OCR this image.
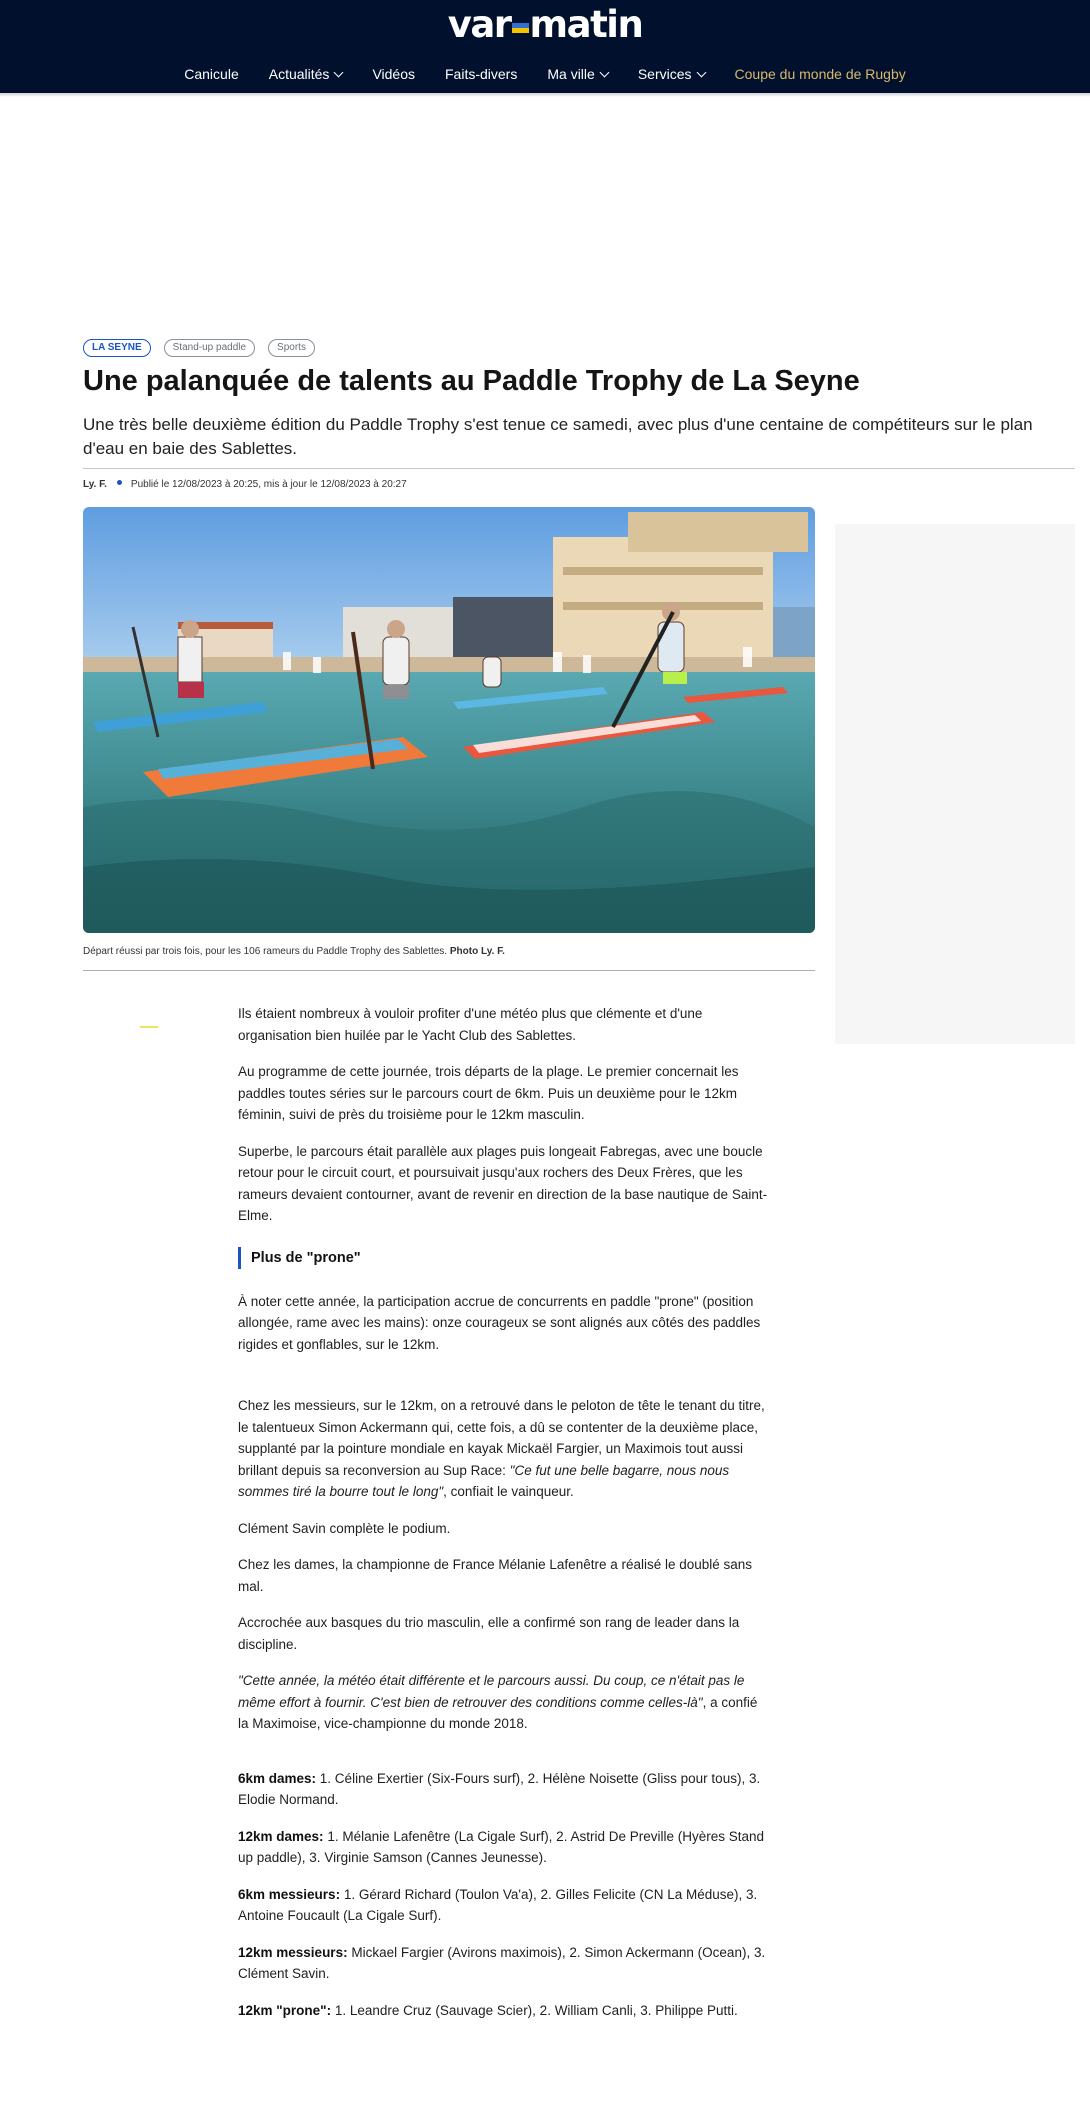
var matin
Canicule Actualités	Vidéos Faits-divers Ma ville	Services	Coupe du monde de Rugby
LA SEYNE	Stand-up paddle	Sports
Une palanquée de talents au Paddle Trophy de La Seyne

Une très belle deuxième édition du Paddle Trophy s'est tenue ce samedi, avec plus d'une centaine de compétiteurs sur le plan d'eau en baie des Sablettes.

Ly. F. Publié le 12/08/2023 à 20:25, mis à jour le 12/08/2023 à 20:27

Départ réussi par trois fois, pour les 106 rameurs du Paddle Trophy des Sablettes. Photo Ly. F.

Ils étaient nombreux à vouloir profiter d'une météo plus que clémente et d'une organisation bien huilée par le Yacht Club des Sablettes.

Au programme de cette journée, trois départs de la plage. Le premier concernait les paddles toutes séries sur le parcours court de 6km. Puis un deuxième pour le 12km féminin, suivi de près du troisième pour le 12km masculin.

Superbe, le parcours était parallèle aux plages puis longeait Fabregas, avec une boucle retour pour le circuit court, et poursuivait jusqu'aux rochers des Deux Frères, que les rameurs devaient contourner, avant de revenir en direction de la base nautique de Saint-Elme.

Plus de "prone"

À noter cette année, la participation accrue de concurrents en paddle "prone" (position allongée, rame avec les mains): onze courageux se sont alignés aux côtés des paddles rigides et gonflables, sur le 12km.

Chez les messieurs, sur le 12km, on a retrouvé dans le peloton de tête le tenant du titre, le talentueux Simon Ackermann qui, cette fois, a dû se contenter de la deuxième place, supplanté par la pointure mondiale en kayak Mickaël Fargier, un Maximois tout aussi brillant depuis sa reconversion au Sup Race: "Ce fut une belle bagarre, nous nous sommes tiré la bourre tout le long", confiait le vainqueur.

Clément Savin complète le podium.

Chez les dames, la championne de France Mélanie Lafenêtre a réalisé le doublé sans mal.

Accrochée aux basques du trio masculin, elle a confirmé son rang de leader dans la discipline.

"Cette année, la météo était différente et le parcours aussi. Du coup, ce n'était pas le même effort à fournir. C'est bien de retrouver des conditions comme celles-là", a confié la Maximoise, vice-championne du monde 2018.

6km dames: 1. Céline Exertier (Six-Fours surf), 2. Hélène Noisette (Gliss pour tous), 3. Elodie Normand.

12km dames: 1. Mélanie Lafenêtre (La Cigale Surf), 2. Astrid De Preville (Hyères Stand up paddle), 3. Virginie Samson (Cannes Jeunesse).

6km messieurs: 1. Gérard Richard (Toulon Va'a), 2. Gilles Felicite (CN La Méduse), 3. Antoine Foucault (La Cigale Surf).

12km messieurs: Mickael Fargier (Avirons maximois), 2. Simon Ackermann (Ocean), 3. Clément Savin.

12km "prone": 1. Leandre Cruz (Sauvage Scier), 2. William Canli, 3. Philippe Putti.
